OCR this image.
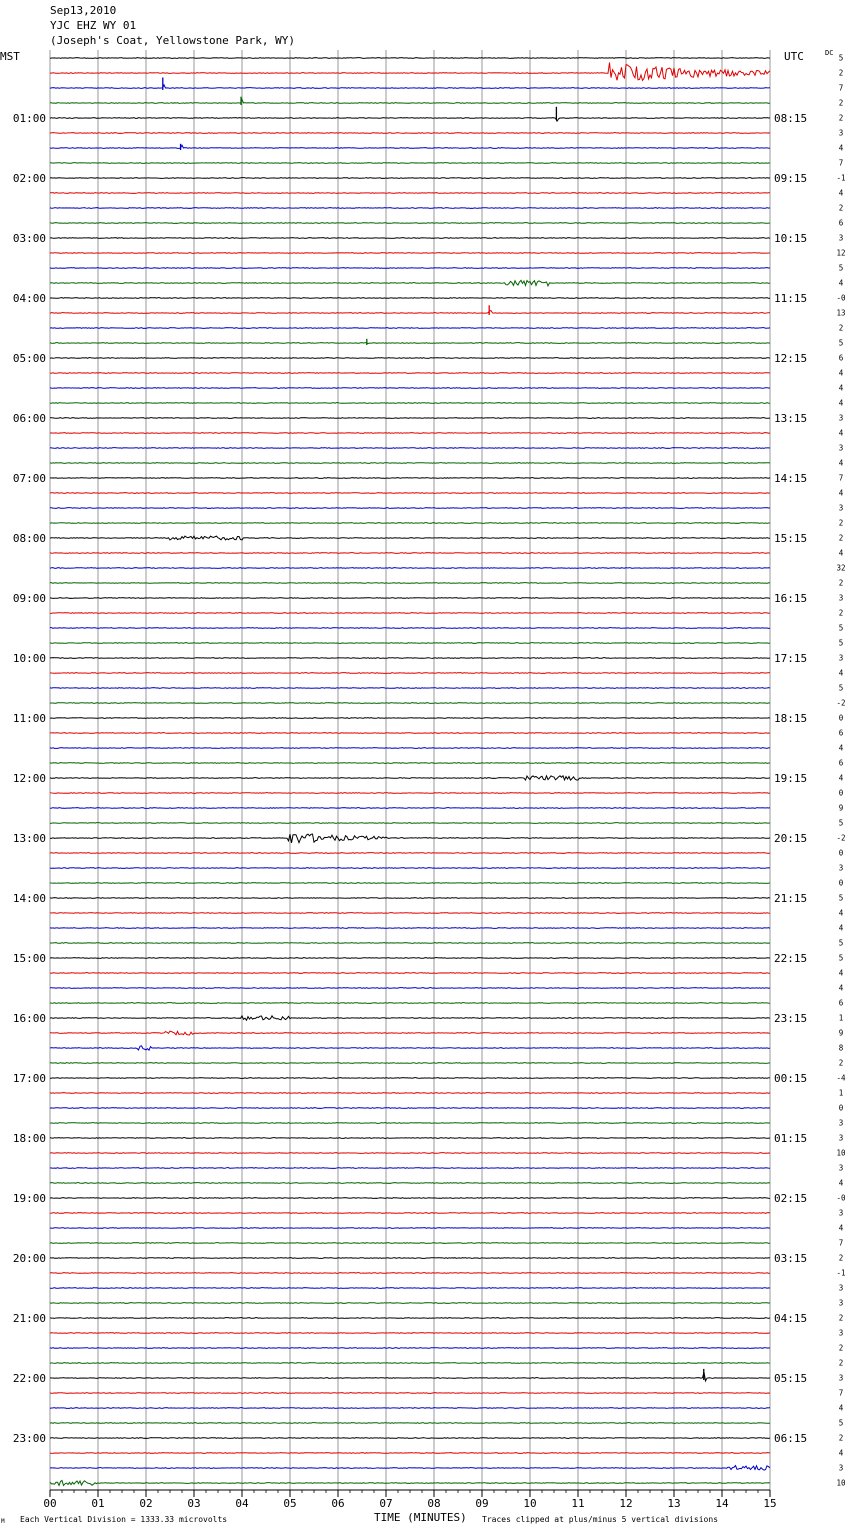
Sep13,2010
YJC EHZ WY 01
(Joseph's Coat, Yellowstone Park, WY)
MST	UTC	DC
Each Vertical Division = 1333.33 microvolts	TIME (MINUTES) Traces clipped at plus/minus 5 vertical divisions
M
5
2
7
2
2
01:00	08:15
3
4
7
-1
02:00	09:15
4
2
6
3
03:00	10:15
12
5
4
-0
04:00	11:15
13
2
5
6
05:00	12:15
4
4
4
3
06:00	13:15
4
3
4
7
07:00	14:15
4
3
2
2
08:00	15:15
4
32
2
3
09:00	16:15
2
5
5
3
10:00	17:15
4
5
-2
0
11:00	18:15
6
4
6
4
12:00	19:15
0
9
5
-2
13:00	20:15
0
3
0
5
14:00	21:15
4
4
5
5
15:00	22:15
4
4
6
1
16:00	23:15
9
8
2
-4
17:00	00:15
1
0
3
3
18:00	01:15
10
3
4
-0
19:00	02:15
3
4
7
2
20:00	03:15
-1
3
3
2
21:00	04:15
3
2
2
3
22:00	05:15
7
4
5
2
23:00	06:15
4
3
10
00	01	02	03	04	05	06	07	08	09	10	11	12	13	14	15
